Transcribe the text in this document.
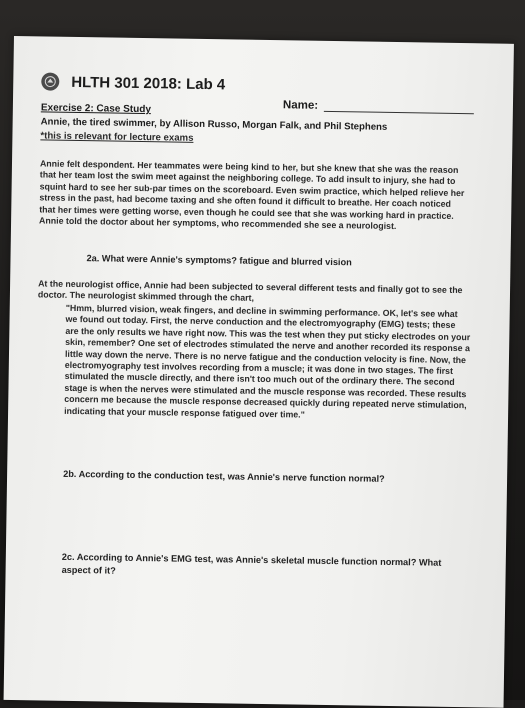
HLTH 301 2018: Lab 4
Name:
Exercise 2: Case Study
Annie, the tired swimmer, by Allison Russo, Morgan Falk, and Phil Stephens
*this is relevant for lecture exams
Annie felt despondent. Her teammates were being kind to her, but she knew that she was the reason that her team lost the swim meet against the neighboring college. To add insult to injury, she had to squint hard to see her sub-par times on the scoreboard. Even swim practice, which helped relieve her stress in the past, had become taxing and she often found it difficult to breathe. Her coach noticed that her times were getting worse, even though he could see that she was working hard in practice. Annie told the doctor about her symptoms, who recommended she see a neurologist.
2a. What were Annie's symptoms? fatigue and blurred vision
At the neurologist office, Annie had been subjected to several different tests and finally got to see the doctor. The neurologist skimmed through the chart,
"Hmm, blurred vision, weak fingers, and decline in swimming performance. OK, let's see what we found out today. First, the nerve conduction and the electromyography (EMG) tests; these are the only results we have right now. This was the test when they put sticky electrodes on your skin, remember? One set of electrodes stimulated the nerve and another recorded its response a little way down the nerve. There is no nerve fatigue and the conduction velocity is fine. Now, the electromyography test involves recording from a muscle; it was done in two stages. The first stimulated the muscle directly, and there isn't too much out of the ordinary there. The second stage is when the nerves were stimulated and the muscle response was recorded. These results concern me because the muscle response decreased quickly during repeated nerve stimulation, indicating that your muscle response fatigued over time."
2b. According to the conduction test, was Annie's nerve function normal?
2c. According to Annie's EMG test, was Annie's skeletal muscle function normal? What aspect of it?
